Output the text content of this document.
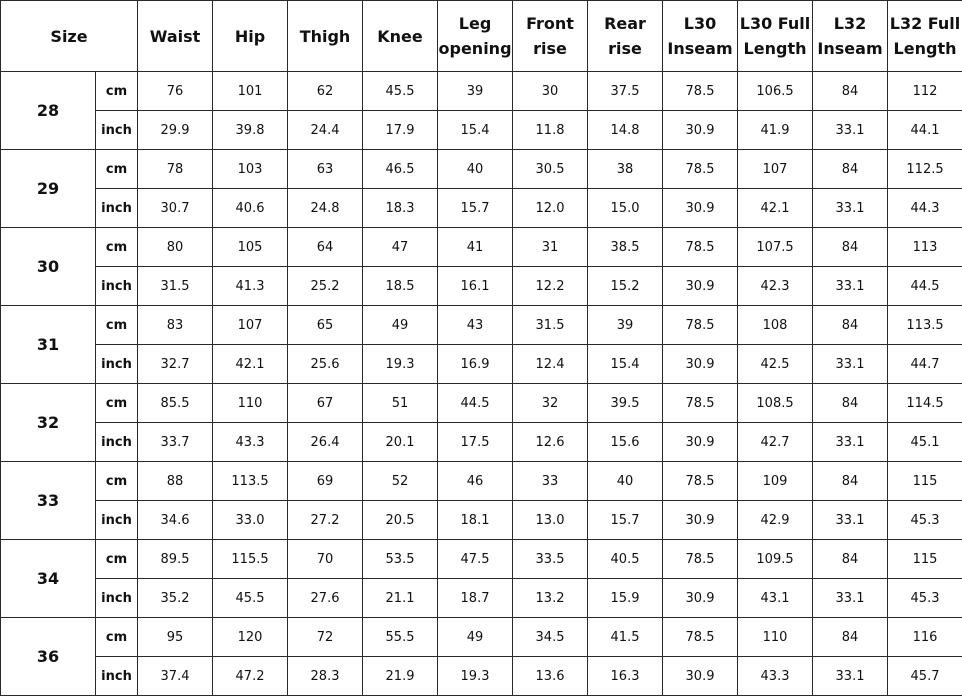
Size		Waist	Hip	Thigh	Knee	Leg opening	Front rise	Rear rise	L30 Inseam	L30 Full Length	L32 Inseam	L32 Full Length
28	cm	76	101	62	45.5	39	30	37.5	78.5	106.5	84	112
	inch	29.9	39.8	24.4	17.9	15.4	11.8	14.8	30.9	41.9	33.1	44.1
29	cm	78	103	63	46.5	40	30.5	38	78.5	107	84	112.5
	inch	30.7	40.6	24.8	18.3	15.7	12.0	15.0	30.9	42.1	33.1	44.3
30	cm	80	105	64	47	41	31	38.5	78.5	107.5	84	113
	inch	31.5	41.3	25.2	18.5	16.1	12.2	15.2	30.9	42.3	33.1	44.5
31	cm	83	107	65	49	43	31.5	39	78.5	108	84	113.5
	inch	32.7	42.1	25.6	19.3	16.9	12.4	15.4	30.9	42.5	33.1	44.7
32	cm	85.5	110	67	51	44.5	32	39.5	78.5	108.5	84	114.5
	inch	33.7	43.3	26.4	20.1	17.5	12.6	15.6	30.9	42.7	33.1	45.1
33	cm	88	113.5	69	52	46	33	40	78.5	109	84	115
	inch	34.6	33.0	27.2	20.5	18.1	13.0	15.7	30.9	42.9	33.1	45.3
34	cm	89.5	115.5	70	53.5	47.5	33.5	40.5	78.5	109.5	84	115
	inch	35.2	45.5	27.6	21.1	18.7	13.2	15.9	30.9	43.1	33.1	45.3
36	cm	95	120	72	55.5	49	34.5	41.5	78.5	110	84	116
	inch	37.4	47.2	28.3	21.9	19.3	13.6	16.3	30.9	43.3	33.1	45.7
